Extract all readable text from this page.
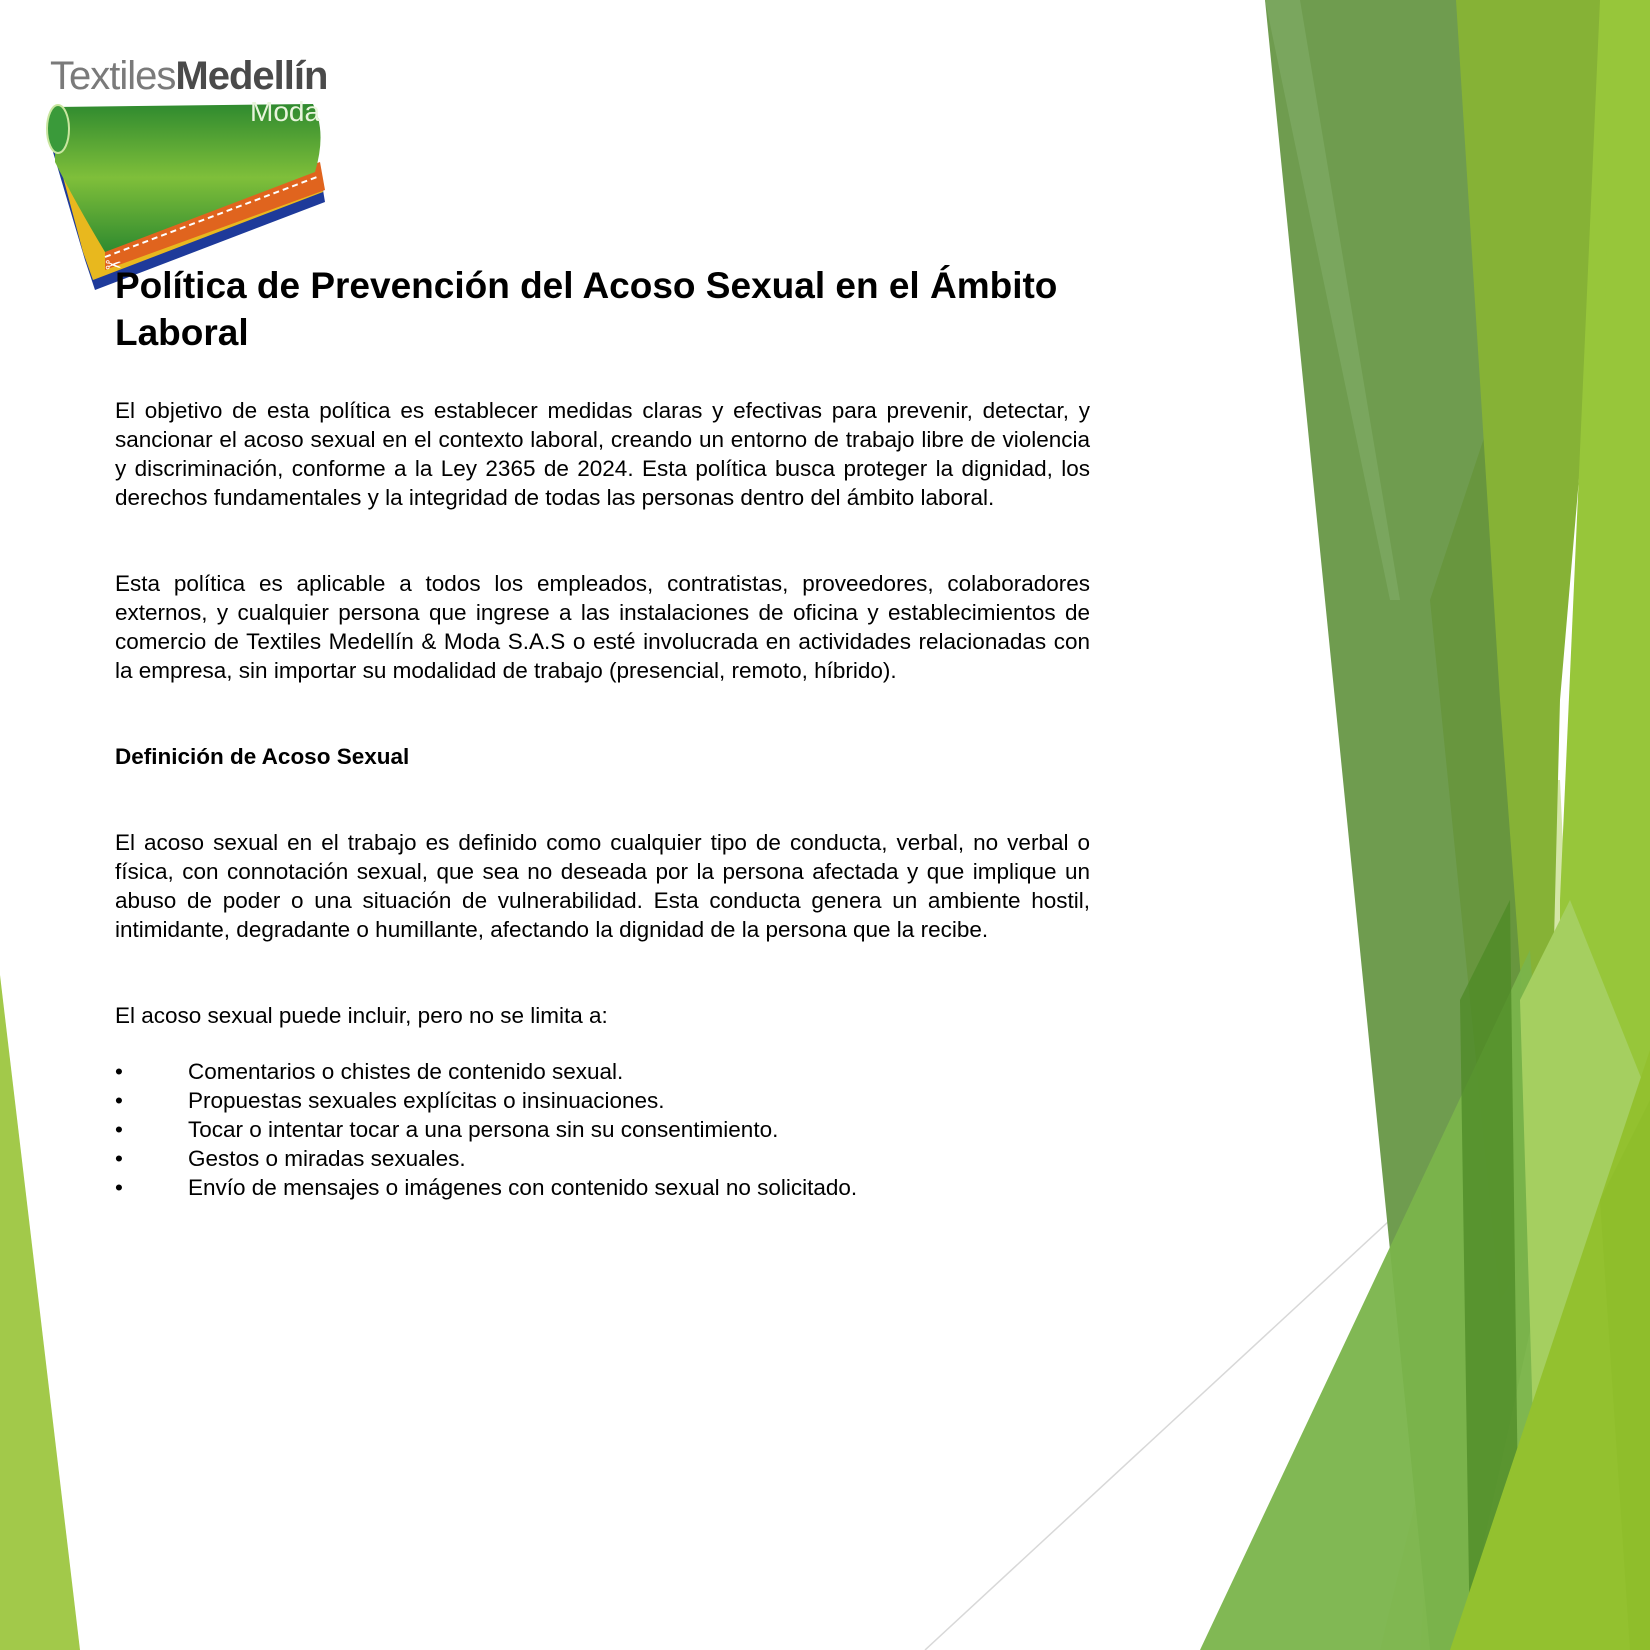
TextilesMedellín
✂
Moda
Política de Prevención del Acoso Sexual en el Ámbito Laboral

El objetivo de esta política es establecer medidas claras y efectivas para prevenir, detectar, y sancionar el acoso sexual en el contexto laboral, creando un entorno de trabajo libre de violencia y discriminación, conforme a la Ley 2365 de 2024. Esta política busca proteger la dignidad, los derechos fundamentales y la integridad de todas las personas dentro del ámbito laboral.

Esta política es aplicable a todos los empleados, contratistas, proveedores, colaboradores externos, y cualquier persona que ingrese a las instalaciones de oficina y establecimientos de comercio de Textiles Medellín & Moda S.A.S o esté involucrada en actividades relacionadas con la empresa, sin importar su modalidad de trabajo (presencial, remoto, híbrido).

Definición de Acoso Sexual

El acoso sexual en el trabajo es definido como cualquier tipo de conducta, verbal, no verbal o física, con connotación sexual, que sea no deseada por la persona afectada y que implique un abuso de poder o una situación de vulnerabilidad. Esta conducta genera un ambiente hostil, intimidante, degradante o humillante, afectando la dignidad de la persona que la recibe.

El acoso sexual puede incluir, pero no se limita a:

•	Comentarios o chistes de contenido sexual.
•	Propuestas sexuales explícitas o insinuaciones.
•	Tocar o intentar tocar a una persona sin su consentimiento.
•	Gestos o miradas sexuales.
•	Envío de mensajes o imágenes con contenido sexual no solicitado.
